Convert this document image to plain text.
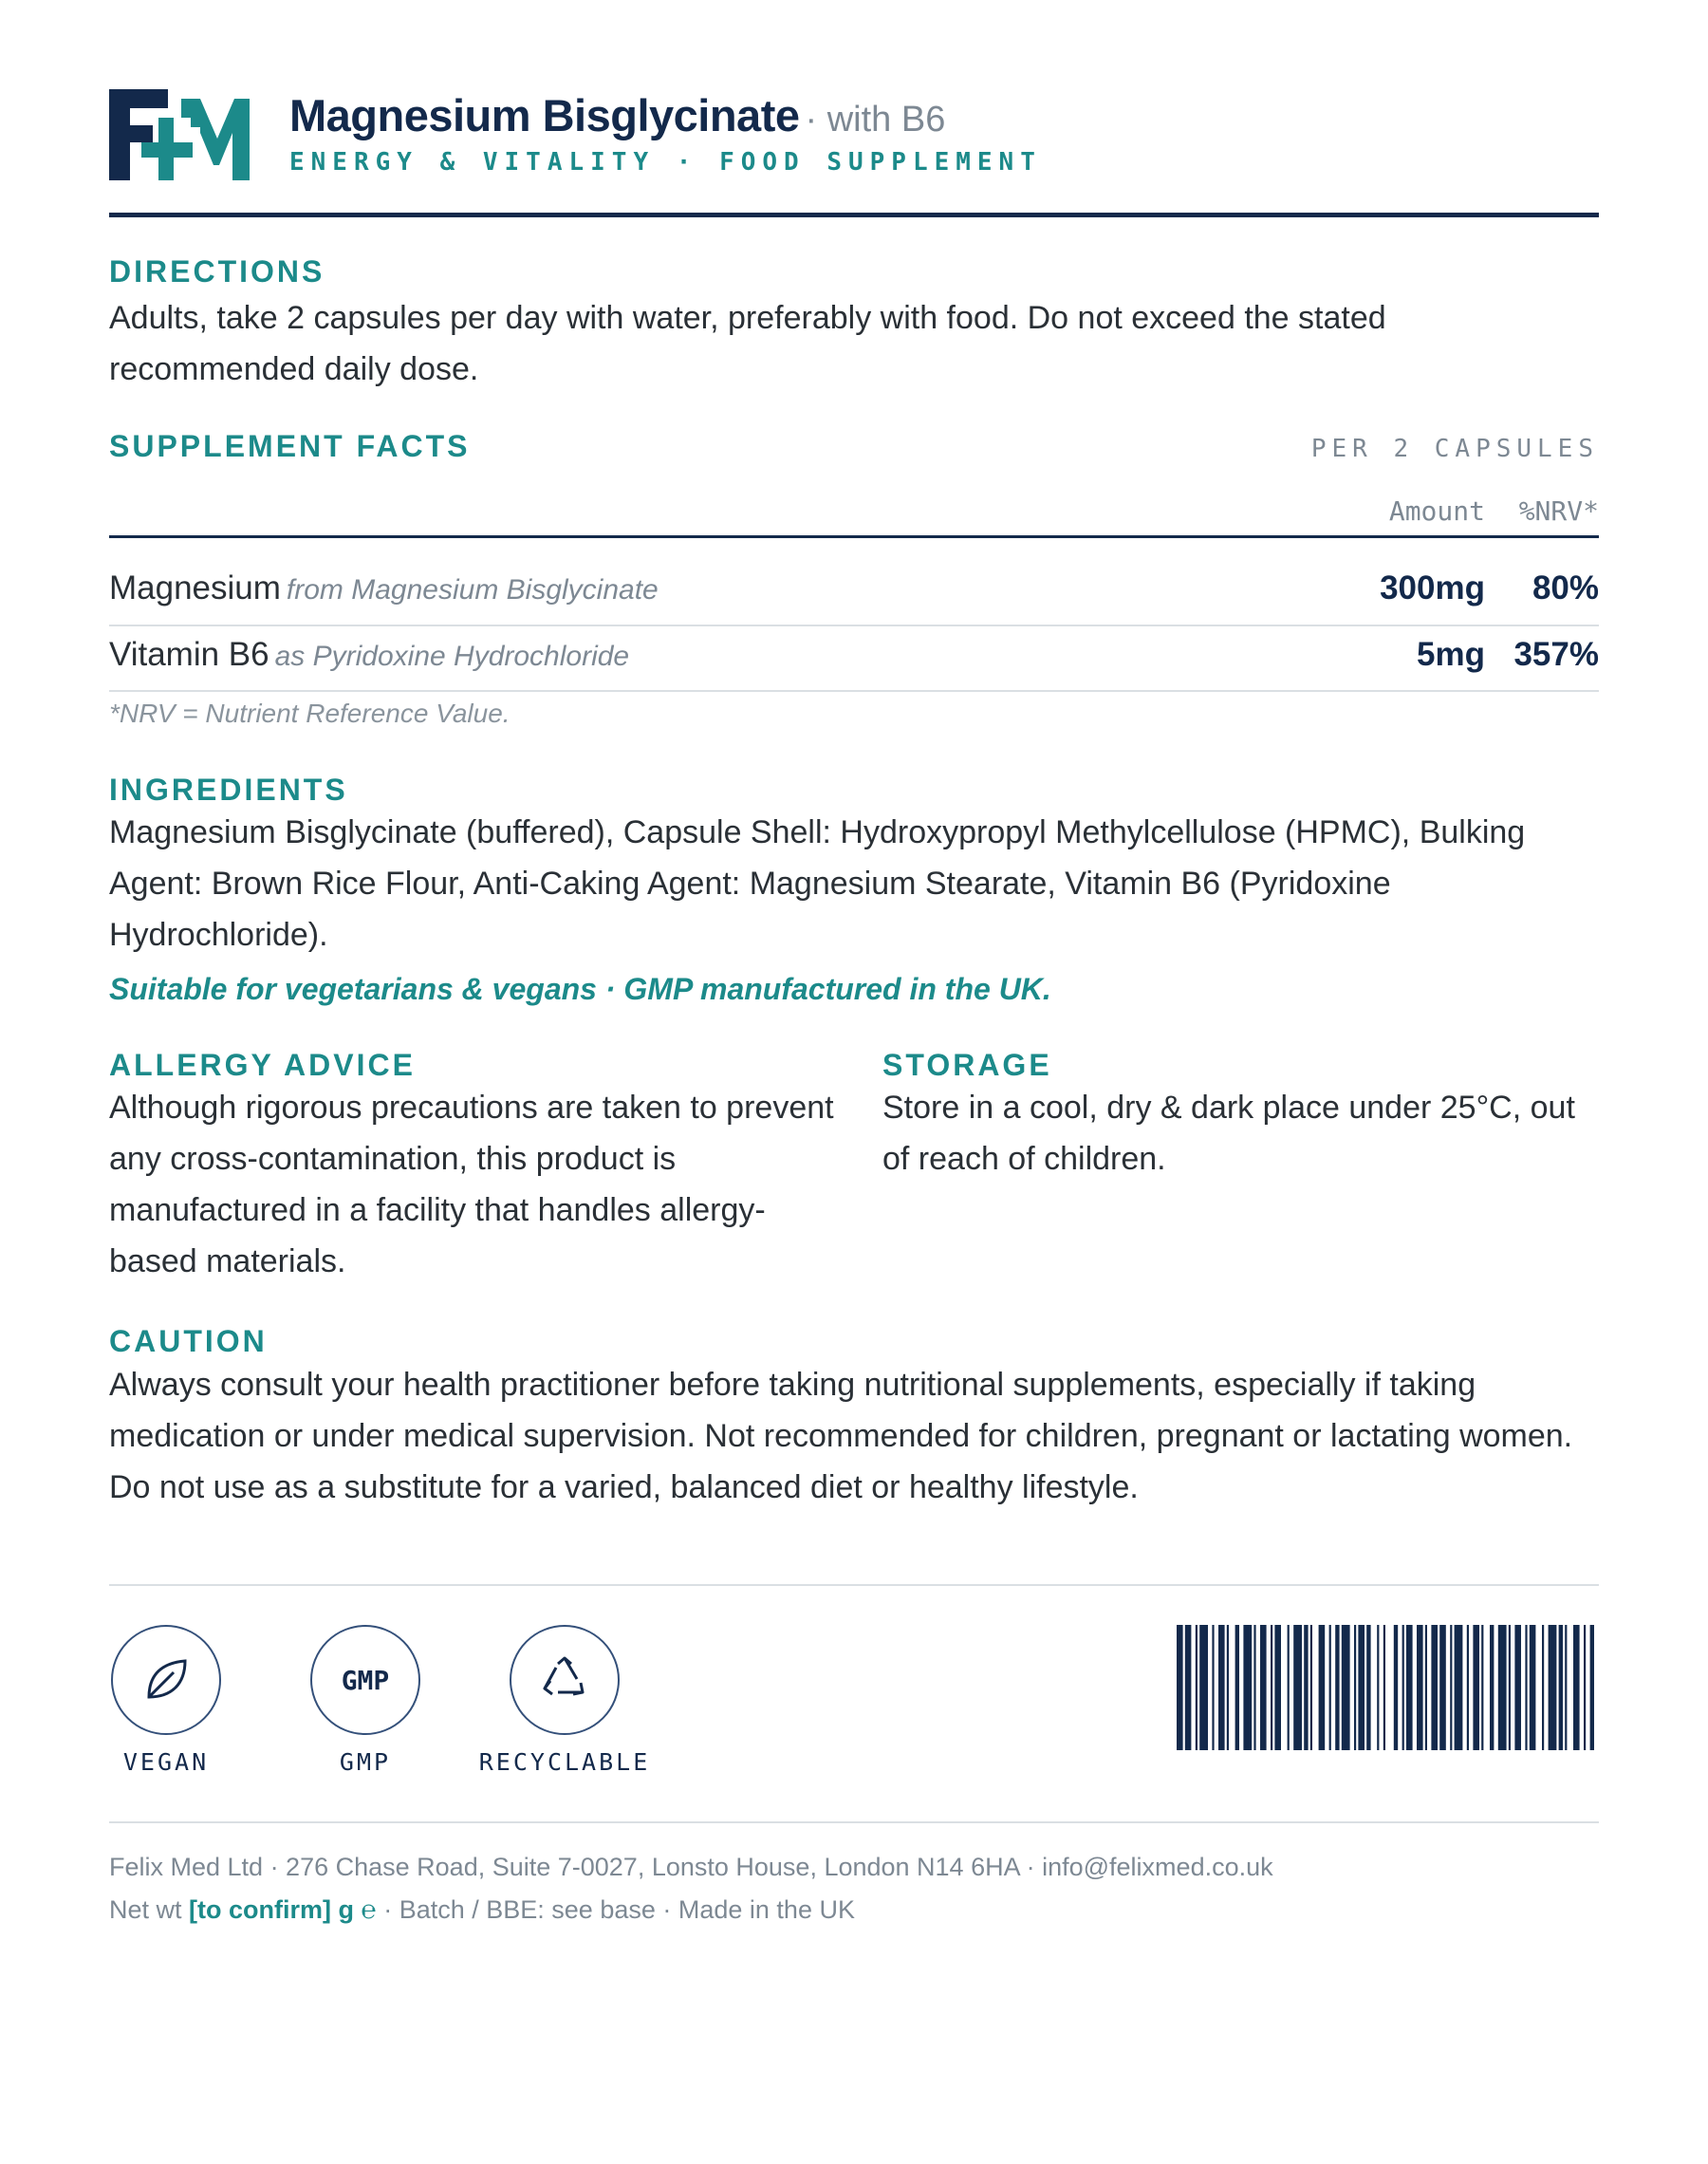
Magnesium Bisglycinate · with B6
ENERGY & VITALITY · FOOD SUPPLEMENT
DIRECTIONS
Adults, take 2 capsules per day with water, preferably with food. Do not exceed the stated recommended daily dose.
SUPPLEMENT FACTS	PER 2 CAPSULES
Amount %NRV*
Magnesium from Magnesium Bisglycinate	300mg 80%
Vitamin B6 as Pyridoxine Hydrochloride	5mg 357%
*NRV = Nutrient Reference Value.
INGREDIENTS
Magnesium Bisglycinate (buffered), Capsule Shell: Hydroxypropyl Methylcellulose (HPMC), Bulking Agent: Brown Rice Flour, Anti-Caking Agent: Magnesium Stearate, Vitamin B6 (Pyridoxine Hydrochloride).
Suitable for vegetarians & vegans · GMP manufactured in the UK.
ALLERGY ADVICE
Although rigorous precautions are taken to prevent any cross-contamination, this product is manufactured in a facility that handles allergy-based materials.
STORAGE
Store in a cool, dry & dark place under 25°C, out of reach of children.
CAUTION
Always consult your health practitioner before taking nutritional supplements, especially if taking medication or under medical supervision. Not recommended for children, pregnant or lactating women. Do not use as a substitute for a varied, balanced diet or healthy lifestyle.
VEGAN
GMP
GMP	RECYCLABLE
Felix Med Ltd · 276 Chase Road, Suite 7-0027, Lonsto House, London N14 6HA · info@felixmed.co.uk
Net wt [to confirm] g ℮ · Batch / BBE: see base · Made in the UK
